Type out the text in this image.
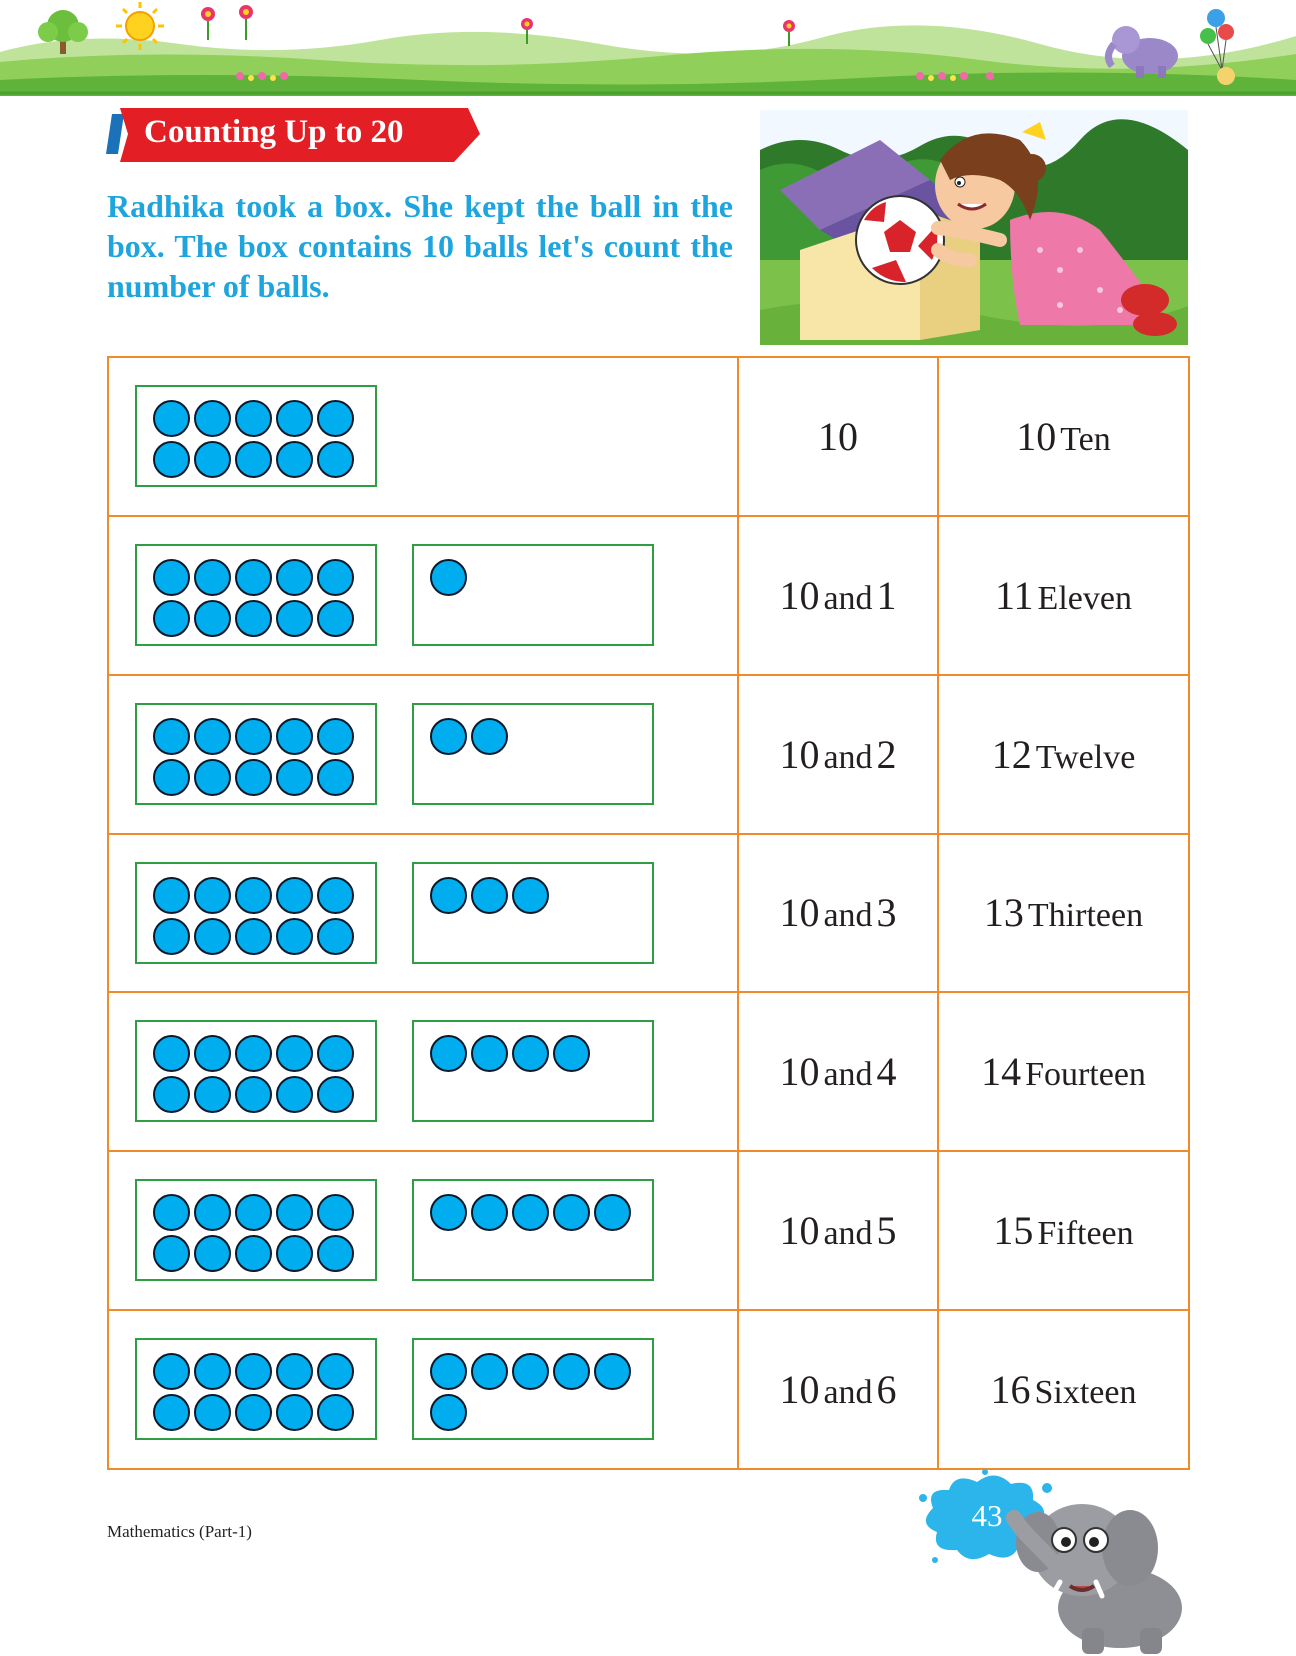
Counting Up to 20

Radhika took a box. She kept the ball in the box. The box contains 10 balls let's count the number of balls.

	10	10 Ten

	10 and 1	11 Eleven

	10 and 2	12 Twelve

	10 and 3	13 Thirteen

	10 and 4	14 Fourteen

	10 and 5	15 Fifteen

	10 and 6	16 Sixteen
Mathematics (Part-1)	43
